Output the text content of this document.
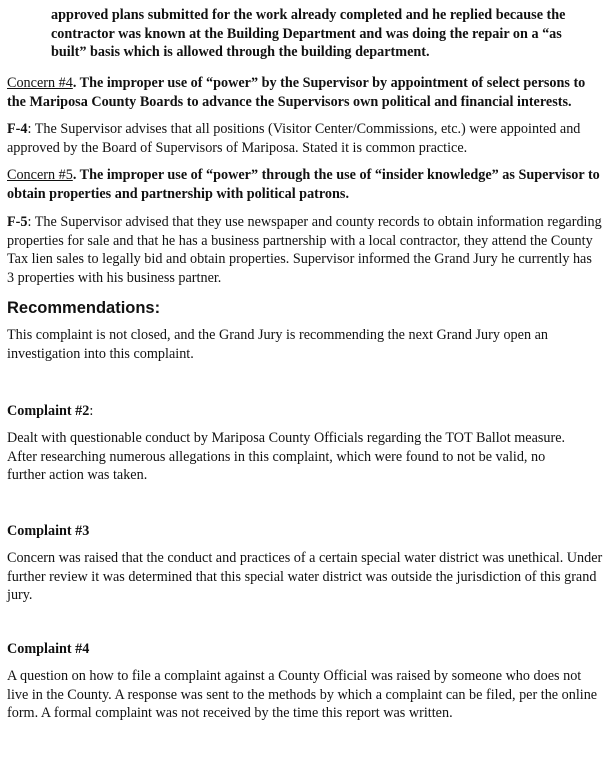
approved plans submitted for the work already completed and he replied because the contractor was known at the Building Department and was doing the repair on a “as built” basis which is allowed through the building department.

Concern #4. The improper use of “power” by the Supervisor by appointment of select persons to the Mariposa County Boards to advance the Supervisors own political and financial interests.

F-4: The Supervisor advises that all positions (Visitor Center/Commissions, etc.) were appointed and approved by the Board of Supervisors of Mariposa. Stated it is common practice.

Concern #5. The improper use of “power” through the use of “insider knowledge” as Supervisor to obtain properties and partnership with political patrons.

F-5: The Supervisor advised that they use newspaper and county records to obtain information regarding properties for sale and that he has a business partnership with a local contractor, they attend the County Tax lien sales to legally bid and obtain properties. Supervisor informed the Grand Jury he currently has 3 properties with his business partner.

Recommendations:

This complaint is not closed, and the Grand Jury is recommending the next Grand Jury open an investigation into this complaint.

Complaint #2:

Dealt with questionable conduct by Mariposa County Officials regarding the TOT Ballot measure. After researching numerous allegations in this complaint, which were found to not be valid, no further action was taken.

Complaint #3

Concern was raised that the conduct and practices of a certain special water district was unethical. Under further review it was determined that this special water district was outside the jurisdiction of this grand jury.

Complaint #4

A question on how to file a complaint against a County Official was raised by someone who does not live in the County. A response was sent to the methods by which a complaint can be filed, per the online form. A formal complaint was not received by the time this report was written.
